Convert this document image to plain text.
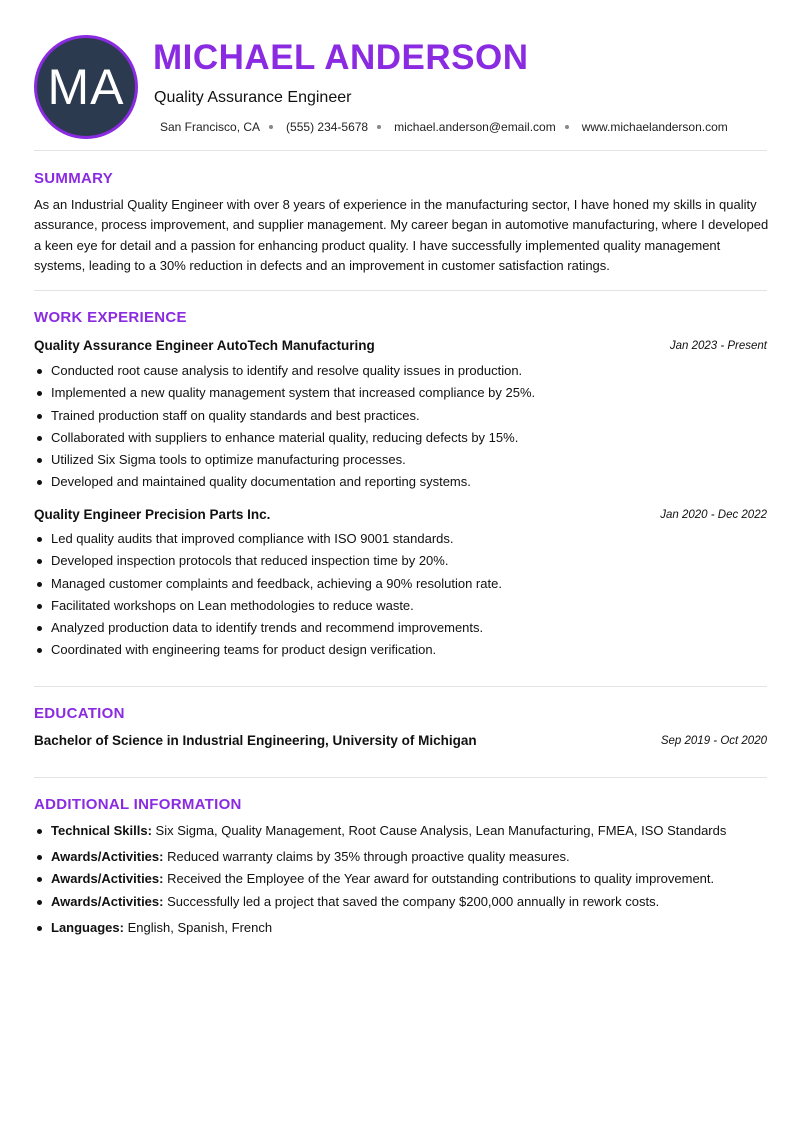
MA
MICHAEL ANDERSON
Quality Assurance Engineer
San Francisco, CA (555) 234-5678 michael.anderson@email.com www.michaelanderson.com
SUMMARY
As an Industrial Quality Engineer with over 8 years of experience in the manufacturing sector, I have honed my skills in quality assurance, process improvement, and supplier management. My career began in automotive manufacturing, where I developed a keen eye for detail and a passion for enhancing product quality. I have successfully implemented quality management systems, leading to a 30% reduction in defects and an improvement in customer satisfaction ratings.
WORK EXPERIENCE
Quality Assurance Engineer AutoTech Manufacturing	Jan 2023 - Present
Conducted root cause analysis to identify and resolve quality issues in production.
Implemented a new quality management system that increased compliance by 25%.
Trained production staff on quality standards and best practices.
Collaborated with suppliers to enhance material quality, reducing defects by 15%.
Utilized Six Sigma tools to optimize manufacturing processes.
Developed and maintained quality documentation and reporting systems.
Quality Engineer Precision Parts Inc.	Jan 2020 - Dec 2022
Led quality audits that improved compliance with ISO 9001 standards.
Developed inspection protocols that reduced inspection time by 20%.
Managed customer complaints and feedback, achieving a 90% resolution rate.
Facilitated workshops on Lean methodologies to reduce waste.
Analyzed production data to identify trends and recommend improvements.
Coordinated with engineering teams for product design verification.
EDUCATION
Bachelor of Science in Industrial Engineering, University of Michigan	Sep 2019 - Oct 2020
ADDITIONAL INFORMATION
Technical Skills: Six Sigma, Quality Management, Root Cause Analysis, Lean Manufacturing, FMEA, ISO Standards
Awards/Activities: Reduced warranty claims by 35% through proactive quality measures.
Awards/Activities: Received the Employee of the Year award for outstanding contributions to quality improvement.
Awards/Activities: Successfully led a project that saved the company $200,000 annually in rework costs.
Languages: English, Spanish, French
